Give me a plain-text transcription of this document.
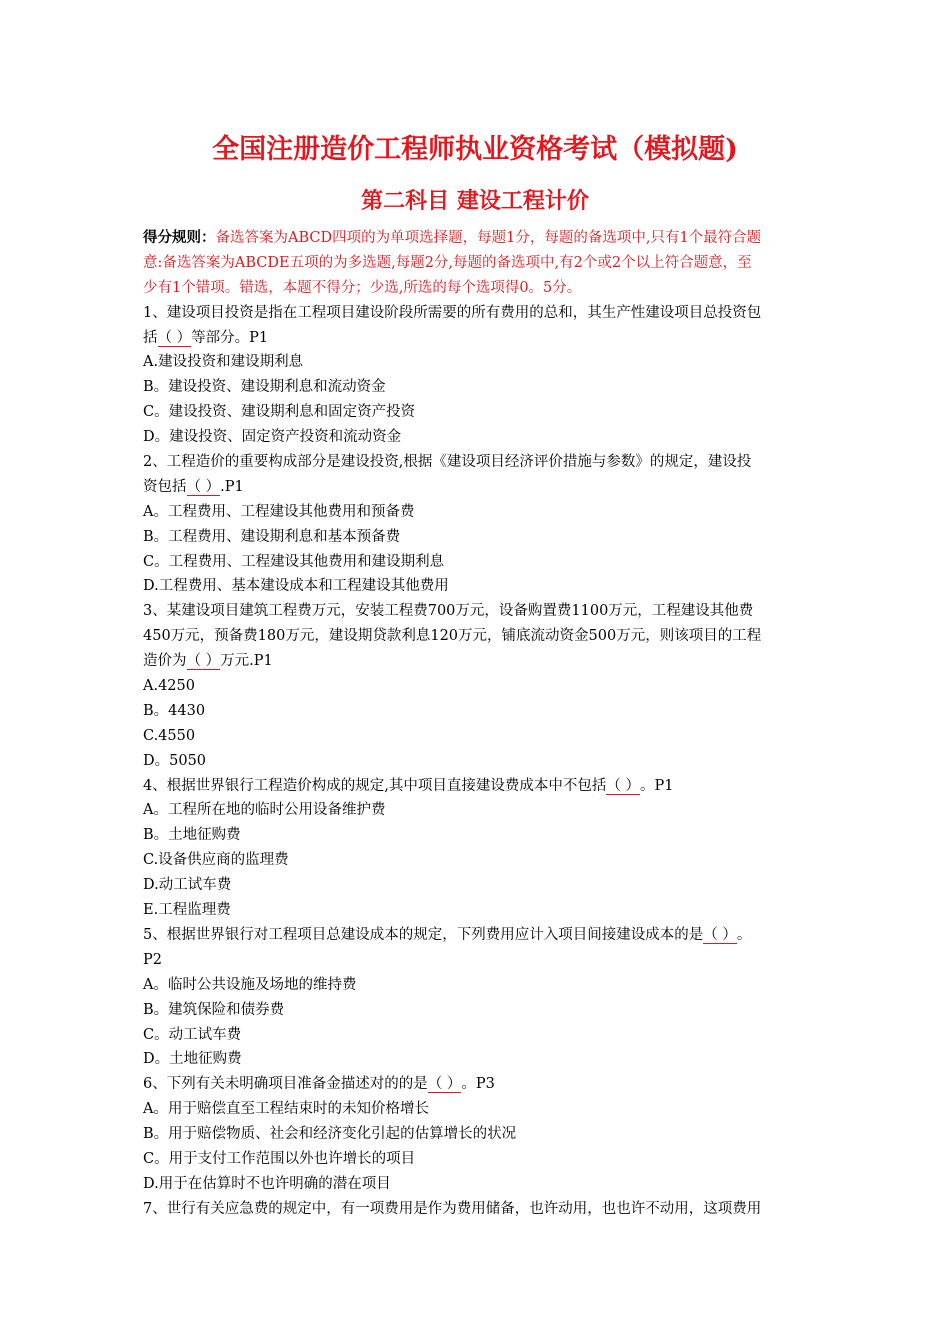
全国注册造价工程师执业资格考试（模拟题)
第二科目 建设工程计价
得分规则：备选答案为ABCD四项的为单项选择题，每题1分，每题的备选项中,只有1个最符合题
意:备选答案为ABCDE五项的为多选题,每题2分,每题的备选项中,有2个或2个以上符合题意，至
少有1个错项。错选，本题不得分；少选,所选的每个选项得0。5分。
1、建设项目投资是指在工程项目建设阶段所需要的所有费用的总和，其生产性建设项目总投资包
括（ ）等部分。P1
A.建设投资和建设期利息
B。建设投资、建设期利息和流动资金
C。建设投资、建设期利息和固定资产投资
D。建设投资、固定资产投资和流动资金
2、工程造价的重要构成部分是建设投资,根据《建设项目经济评价措施与参数》的规定，建设投
资包括（ ）.P1
A。工程费用、工程建设其他费用和预备费
B。工程费用、建设期利息和基本预备费
C。工程费用、工程建设其他费用和建设期利息
D.工程费用、基本建设成本和工程建设其他费用
3、某建设项目建筑工程费万元，安装工程费700万元，设备购置费1100万元，工程建设其他费
450万元，预备费180万元，建设期贷款利息120万元，铺底流动资金500万元，则该项目的工程
造价为（ ）万元.P1
A.4250
B。4430
C.4550
D。5050
4、根据世界银行工程造价构成的规定,其中项目直接建设费成本中不包括（ ）。P1
A。工程所在地的临时公用设备维护费
B。土地征购费
C.设备供应商的监理费
D.动工试车费
E.工程监理费
5、根据世界银行对工程项目总建设成本的规定，下列费用应计入项目间接建设成本的是（ ）。
P2
A。临时公共设施及场地的维持费
B。建筑保险和债券费
C。动工试车费
D。土地征购费
6、下列有关未明确项目准备金描述对的的是（ ）。P3
A。用于赔偿直至工程结束时的未知价格增长
B。用于赔偿物质、社会和经济变化引起的估算增长的状况
C。用于支付工作范围以外也许增长的项目
D.用于在估算时不也许明确的潜在项目
7、世行有关应急费的规定中，有一项费用是作为费用储备，也许动用，也也许不动用，这项费用
